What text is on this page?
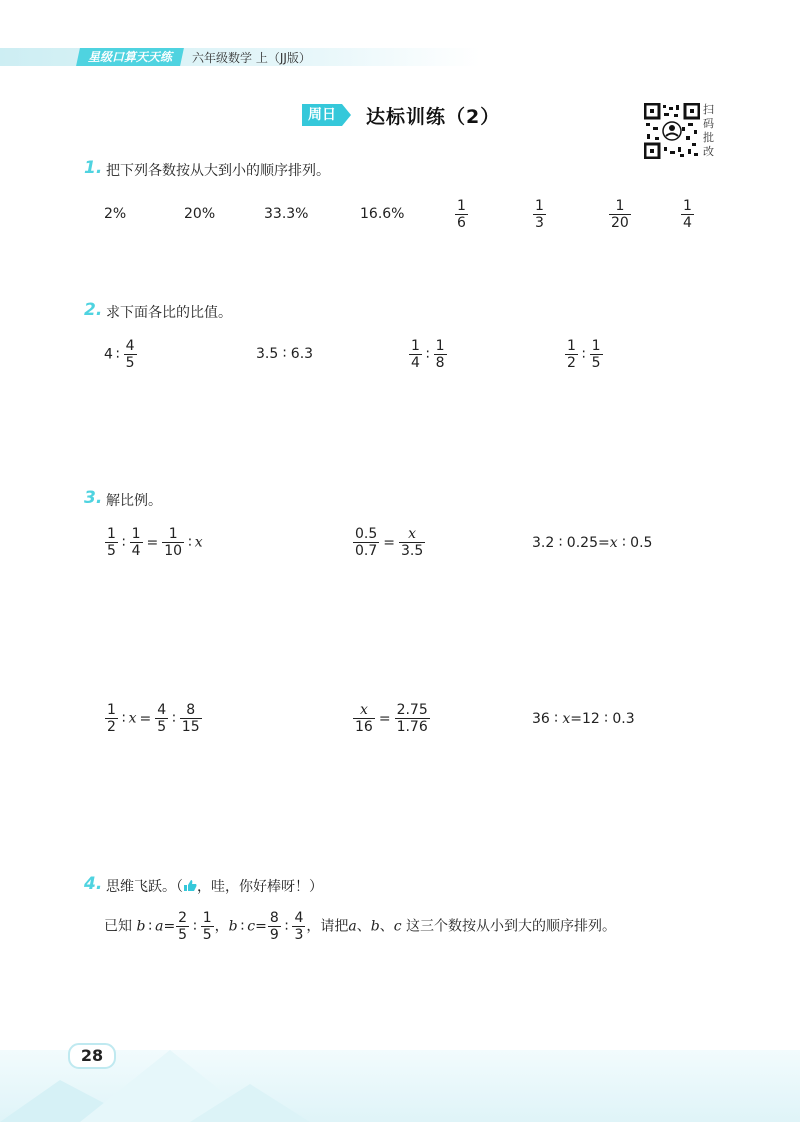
星级口算天天练	六年级数学 上（JJ版）
周日	达标训练（2）	扫码批改
1. 把下列各数按从大到小的顺序排列。
2%	20%	33.3%	16.6%	$\frac{1}{6}$	$\frac{1}{3}$	$\frac{1}{20}$	$\frac{1}{4}$
2. 求下面各比的比值。
4 ∶ $\frac{4}{5}$	3.5 ∶ 6.3	$\frac{1}{4}$ ∶ $\frac{1}{8}$	$\frac{1}{2}$ ∶ $\frac{1}{5}$
3. 解比例。
$\frac{1}{5}$ ∶ $\frac{1}{4} = \frac{1}{10}$ ∶ x	$\frac{0.5}{0.7} = \frac{x}{3.5}$	3.2 ∶ 0.25=x ∶ 0.5
$\frac{1}{2}$ ∶ $x = \frac{4}{5}$ ∶ $\frac{8}{15}$	$\frac{x}{16} = \frac{2.75}{1.76}$	36 ∶ x=12 ∶ 0.3
4. 思维飞跃。（ ，哇，你好棒呀！）
已知 b ∶ $a= \frac{2}{5}$ ∶ $\frac{1}{5}$ ，b ∶ $c= \frac{8}{9}$ ∶ $\frac{4}{3}$ ，请把a、b、c 这三个数按从小到大的顺序排列。
28
